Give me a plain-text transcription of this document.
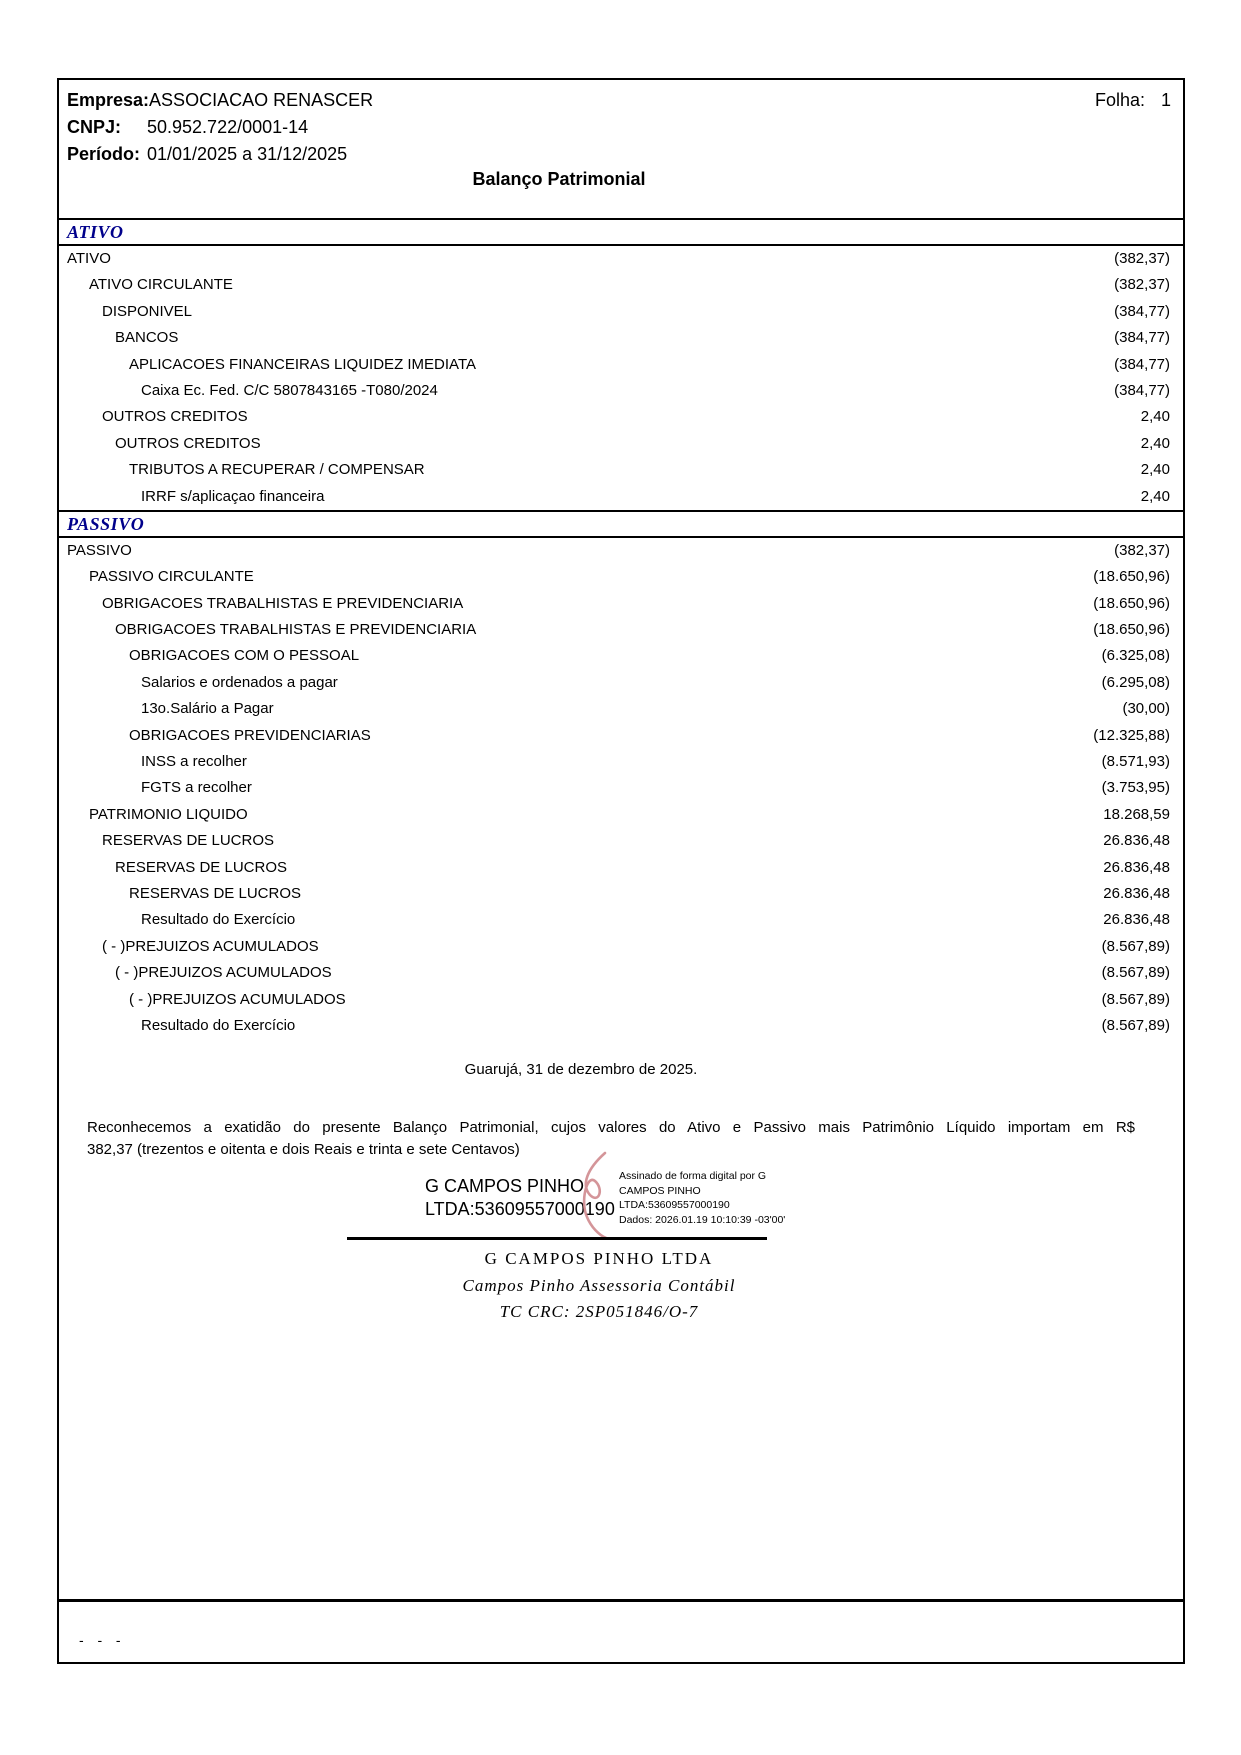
Empresa: ASSOCIACAO RENASCER	Folha: 1
CNPJ:	50.952.722/0001-14
Período: 01/01/2025 a 31/12/2025
Balanço Patrimonial
ATIVO
ATIVO	(382,37)
ATIVO CIRCULANTE	(382,37)
DISPONIVEL	(384,77)
BANCOS	(384,77)
APLICACOES FINANCEIRAS LIQUIDEZ IMEDIATA	(384,77)
Caixa Ec. Fed. C/C 5807843165 -T080/2024	(384,77)
OUTROS CREDITOS	2,40
OUTROS CREDITOS	2,40
TRIBUTOS A RECUPERAR / COMPENSAR	2,40
IRRF s/aplicaçao financeira	2,40
PASSIVO
PASSIVO	(382,37)
PASSIVO CIRCULANTE	(18.650,96)
OBRIGACOES TRABALHISTAS E PREVIDENCIARIA	(18.650,96)
OBRIGACOES TRABALHISTAS E PREVIDENCIARIA	(18.650,96)
OBRIGACOES COM O PESSOAL	(6.325,08)
Salarios e ordenados a pagar	(6.295,08)
13o.Salário a Pagar	(30,00)
OBRIGACOES PREVIDENCIARIAS	(12.325,88)
INSS a recolher	(8.571,93)
FGTS a recolher	(3.753,95)
PATRIMONIO LIQUIDO	18.268,59
RESERVAS DE LUCROS	26.836,48
RESERVAS DE LUCROS	26.836,48
RESERVAS DE LUCROS	26.836,48
Resultado do Exercício	26.836,48
( - )PREJUIZOS ACUMULADOS	(8.567,89)
( - )PREJUIZOS ACUMULADOS	(8.567,89)
( - )PREJUIZOS ACUMULADOS	(8.567,89)
Resultado do Exercício	(8.567,89)
Guarujá, 31 de dezembro de 2025.
Reconhecemos a exatidão do presente Balanço Patrimonial, cujos valores do Ativo e Passivo mais Patrimônio Líquido importam em R$
382,37 (trezentos e oitenta e dois Reais e trinta e sete Centavos)
G CAMPOS PINHO
LTDA:53609557000190
Assinado de forma digital por G
CAMPOS PINHO
LTDA:53609557000190
Dados: 2026.01.19 10:10:39 -03'00'
G CAMPOS PINHO LTDA
Campos Pinho Assessoria Contábil
TC CRC: 2SP051846/O-7
-  -  -
